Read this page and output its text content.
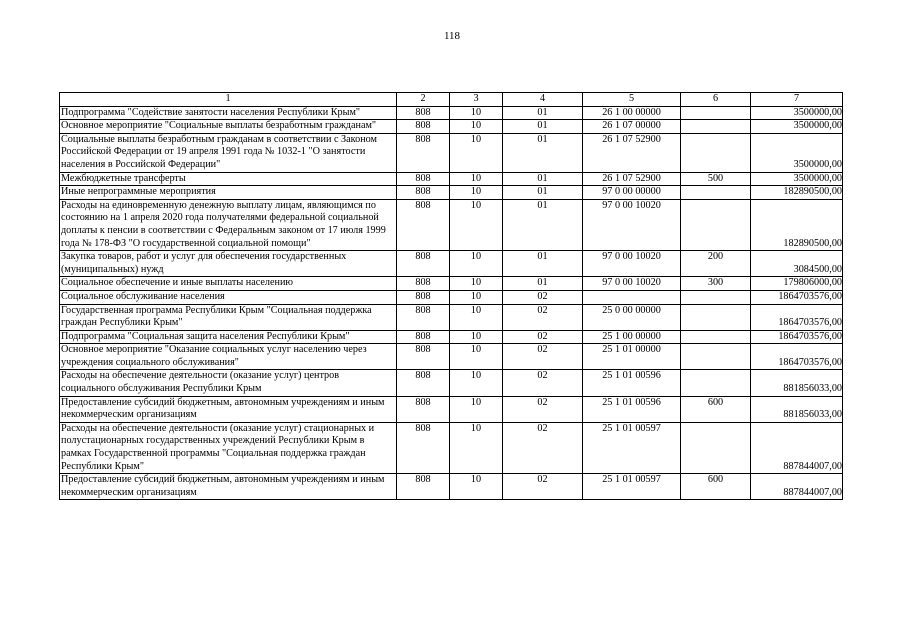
118
1	2	3	4	5	6	7
Подпрограмма "Содействие занятости населения Республики Крым"	808	10	01	26 1 00 00000		3500000,00
Основное мероприятие "Социальные выплаты безработным гражданам"	808	10	01	26 1 07 00000		3500000,00
Социальные выплаты безработным гражданам в соответствии с Законом Российской Федерации от 19 апреля 1991 года № 1032-1 "О занятости населения в Российской Федерации"	808	10	01	26 1 07 52900		3500000,00
Межбюджетные трансферты	808	10	01	26 1 07 52900	500	3500000,00
Иные непрограммные мероприятия	808	10	01	97 0 00 00000		182890500,00
Расходы на единовременную денежную выплату лицам, являющимся по состоянию на 1 апреля 2020 года получателями федеральной социальной доплаты к пенсии в соответствии с Федеральным законом от 17 июля 1999 года № 178-ФЗ "О государственной социальной помощи"	808	10	01	97 0 00 10020		182890500,00
Закупка товаров, работ и услуг для обеспечения государственных (муниципальных) нужд	808	10	01	97 0 00 10020	200	3084500,00
Социальное обеспечение и иные выплаты населению	808	10	01	97 0 00 10020	300	179806000,00
Социальное обслуживание населения	808	10	02			1864703576,00
Государственная программа Республики Крым "Социальная поддержка граждан Республики Крым"	808	10	02	25 0 00 00000		1864703576,00
Подпрограмма "Социальная защита населения Республики Крым"	808	10	02	25 1 00 00000		1864703576,00
Основное мероприятие "Оказание социальных услуг населению через учреждения социального обслуживания"	808	10	02	25 1 01 00000		1864703576,00
Расходы на обеспечение деятельности (оказание услуг) центров социального обслуживания Республики Крым	808	10	02	25 1 01 00596		881856033,00
Предоставление субсидий бюджетным, автономным учреждениям и иным некоммерческим организациям	808	10	02	25 1 01 00596	600	881856033,00
Расходы на обеспечение деятельности (оказание услуг) стационарных и полустационарных государственных учреждений Республики Крым в рамках Государственной программы "Социальная поддержка граждан Республики Крым"	808	10	02	25 1 01 00597		887844007,00
Предоставление субсидий бюджетным, автономным учреждениям и иным некоммерческим организациям	808	10	02	25 1 01 00597	600	887844007,00
